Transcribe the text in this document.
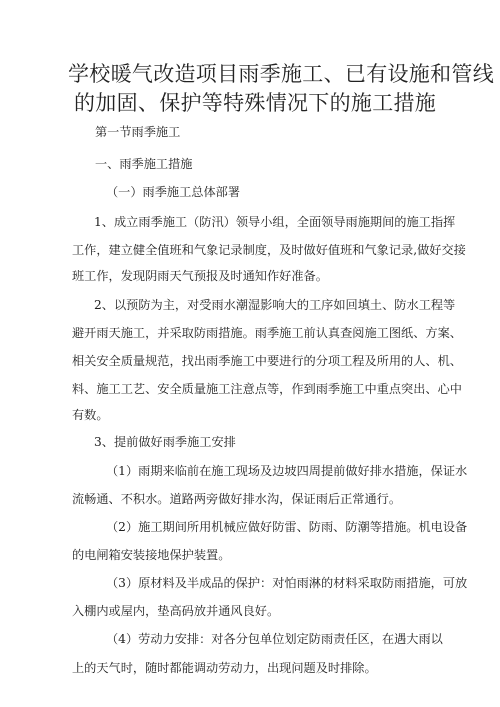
学校暖气改造项目雨季施工、已有设施和管线
的加固、保护等特殊情况下的施工措施

第一节雨季施工

一、雨季施工措施

（一）雨季施工总体部署

1、成立雨季施工（防汛）领导小组，全面领导雨施期间的施工指挥

工作，建立健全值班和气象记录制度，及时做好值班和气象记录,做好交接

班工作，发现阴雨天气预报及时通知作好准备。

2、以预防为主，对受雨水潮湿影响大的工序如回填土、防水工程等

避开雨天施工，并采取防雨措施。雨季施工前认真查阅施工图纸、方案、

相关安全质量规范，找出雨季施工中要进行的分项工程及所用的人、机、

料、施工工艺、安全质量施工注意点等，作到雨季施工中重点突出、心中

有数。

3、提前做好雨季施工安排

（1）雨期来临前在施工现场及边坡四周提前做好排水措施，保证水

流畅通、不积水。道路两旁做好排水沟，保证雨后正常通行。

（2）施工期间所用机械应做好防雷、防雨、防潮等措施。机电设备

的电闸箱安装接地保护装置。

（3）原材料及半成品的保护：对怕雨淋的材料采取防雨措施，可放

入棚内或屋内，垫高码放并通风良好。

（4）劳动力安排：对各分包单位划定防雨责任区，在遇大雨以

上的天气时，随时都能调动劳动力，出现问题及时排除。
